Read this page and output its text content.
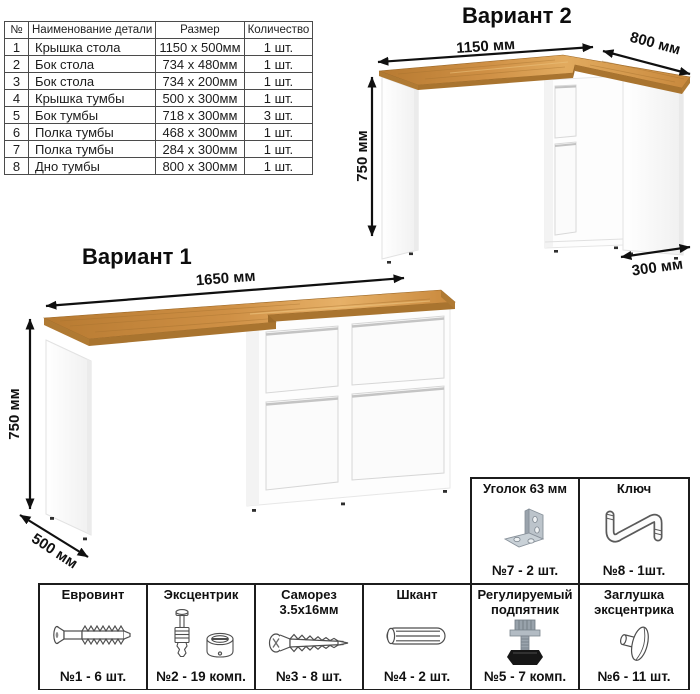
№	Наименование детали	Размер	Количество
1	Крышка стола	1150 x 500мм	1 шт.
2	Бок стола	734 x 480мм	1 шт.
3	Бок стола	734 x 200мм	1 шт.
4	Крышка тумбы	500 x 300мм	1 шт.
5	Бок тумбы	718 x 300мм	3 шт.
6	Полка тумбы	468 x 300мм	1 шт.
7	Полка тумбы	284 x 300мм	1 шт.
8	Дно тумбы	800 x 300мм	1 шт.
Вариант 2
1150 мм	800 мм
750 мм
300 мм
Вариант 1
1650 мм
750 мм
500 мм
Уголок 63 мм
№7 - 2 шт.
Ключ
№8 - 1шт.
Евровинт
№1 - 6 шт.
Эксцентрик
№2 - 19 комп.
Саморез 3.5x16мм
№3 - 8 шт.
Шкант
№4 - 2 шт.
Регулируемый подпятник
№5 - 7 комп.
Заглушка эксцентрика
№6 - 11 шт.
